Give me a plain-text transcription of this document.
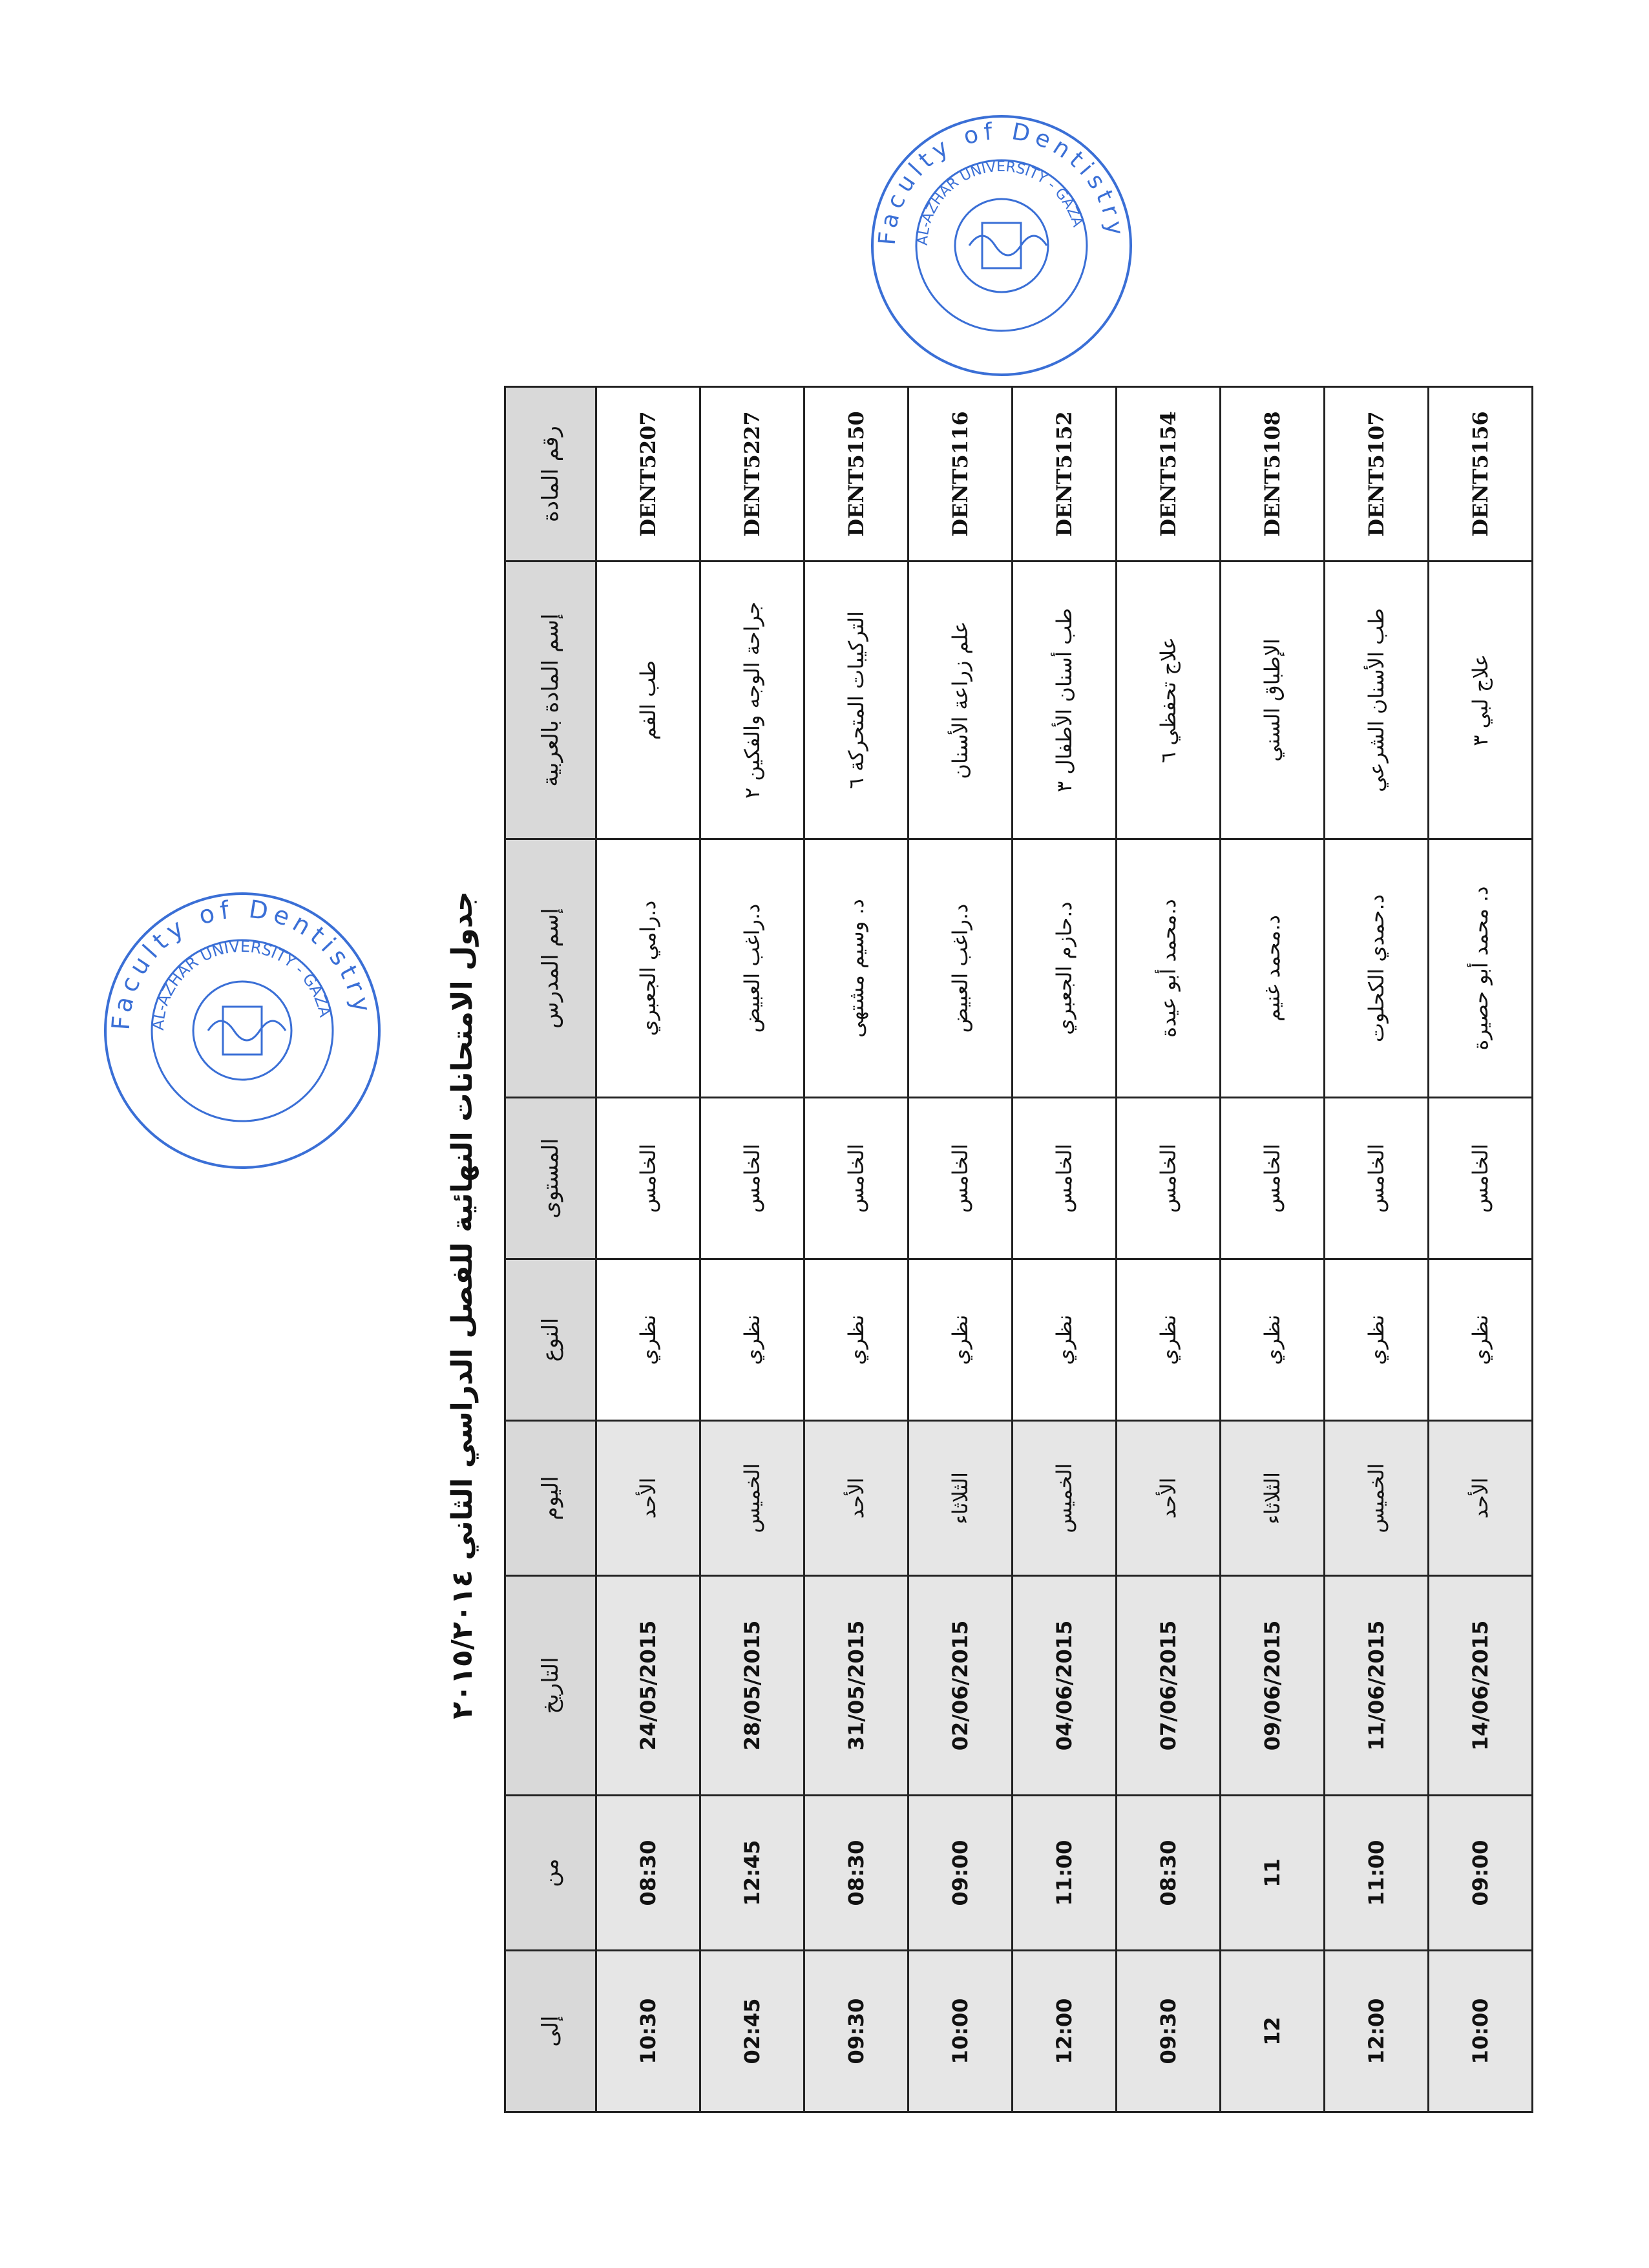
جدول الامتحانات النهائية للفصل الدراسي الثاني ٢٠١٥/٢٠١٤
رقم المادة	إسم المادة بالعربية	إسم المدرس	المستوى	النوع	اليوم	التاريخ	من	إلى
DENT5207	طب الفم	د.رامي الجعبري	الخامس	نظري	الأحد	24/05/2015	08:30	10:30
DENT5227	جراحة الوجه والفكين ٢	د.راغب العبيض	الخامس	نظري	الخميس	28/05/2015	12:45	02:45
DENT5150	التركيبات المتحركة ٦	د. وسيم مشتهى	الخامس	نظري	الأحد	31/05/2015	08:30	09:30
DENT5116	علم زراعة الأسنان	د.راغب العبيض	الخامس	نظري	الثلاثاء	02/06/2015	09:00	10:00
DENT5152	طب أسنان الأطفال ٣	د.حازم الجعبري	الخامس	نظري	الخميس	04/06/2015	11:00	12:00
DENT5154	علاج تحفظي ٦	د.محمد أبو عيدة	الخامس	نظري	الأحد	07/06/2015	08:30	09:30
DENT5108	الإطباق السني	د.محمد غنيم	الخامس	نظري	الثلاثاء	09/06/2015	11	12
DENT5107	طب الأسنان الشرعي	د.حمدي الكحلوت	الخامس	نظري	الخميس	11/06/2015	11:00	12:00
DENT5156	علاج لبي ٣	د. محمد أبو حصيرة	الخامس	نظري	الأحد	14/06/2015	09:00	10:00
Faculty of Dentistry
AL-AZHAR UNIVERSITY - GAZA
Faculty of Dentistry
AL-AZHAR UNIVERSITY - GAZA
